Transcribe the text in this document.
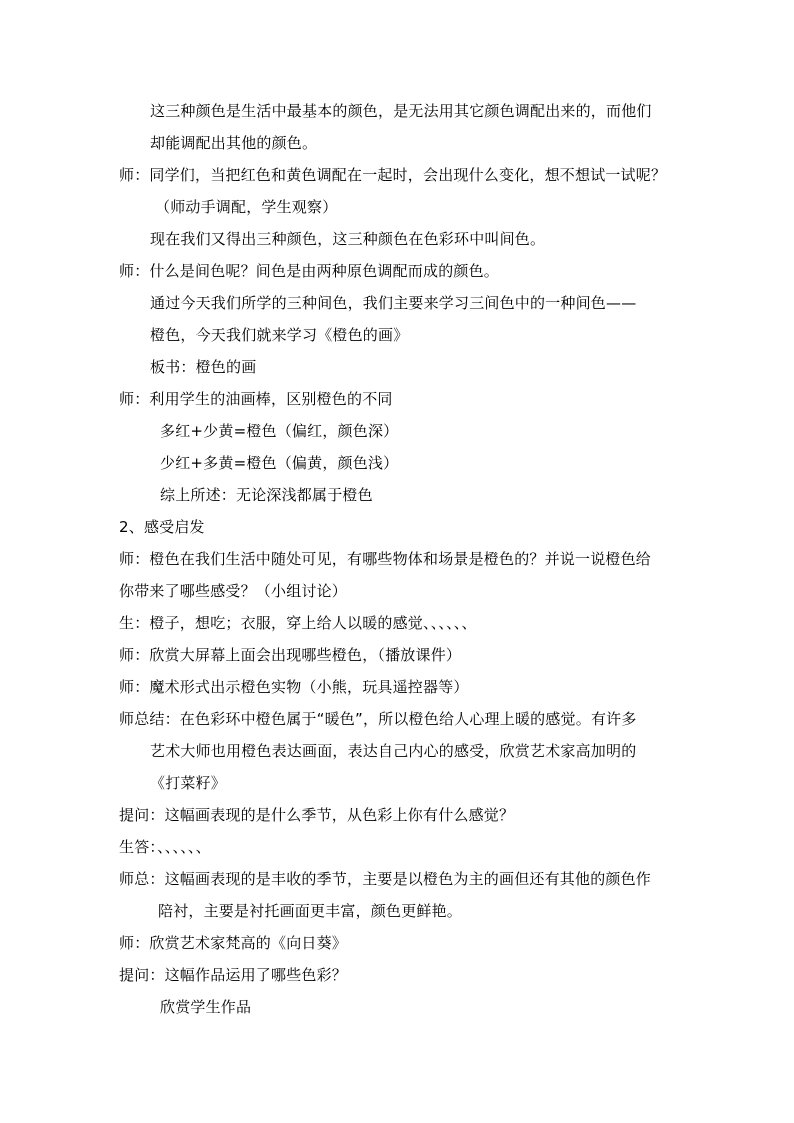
这三种颜色是生活中最基本的颜色，是无法用其它颜色调配出来的，而他们
却能调配出其他的颜色。
师：同学们，当把红色和黄色调配在一起时，会出现什么变化，想不想试一试呢？
（师动手调配，学生观察）
现在我们又得出三种颜色，这三种颜色在色彩环中叫间色。
师：什么是间色呢？间色是由两种原色调配而成的颜色。
通过今天我们所学的三种间色，我们主要来学习三间色中的一种间色——
橙色，今天我们就来学习《橙色的画》
板书：橙色的画
师：利用学生的油画棒，区别橙色的不同
多红+少黄=橙色（偏红，颜色深）
少红+多黄=橙色（偏黄，颜色浅）
综上所述：无论深浅都属于橙色
2、感受启发
师：橙色在我们生活中随处可见，有哪些物体和场景是橙色的？并说一说橙色给
你带来了哪些感受？（小组讨论）
生：橙子，想吃；衣服，穿上给人以暖的感觉、、、、、、
师：欣赏大屏幕上面会出现哪些橙色，（播放课件）
师：魔术形式出示橙色实物（小熊，玩具遥控器等）
师总结：在色彩环中橙色属于“暖色”，所以橙色给人心理上暖的感觉。有许多
艺术大师也用橙色表达画面，表达自己内心的感受，欣赏艺术家高加明的
《打菜籽》
提问：这幅画表现的是什么季节，从色彩上你有什么感觉？
生答：、、、、、、
师总：这幅画表现的是丰收的季节，主要是以橙色为主的画但还有其他的颜色作
陪衬，主要是衬托画面更丰富，颜色更鲜艳。
师：欣赏艺术家梵高的《向日葵》
提问：这幅作品运用了哪些色彩？
欣赏学生作品
